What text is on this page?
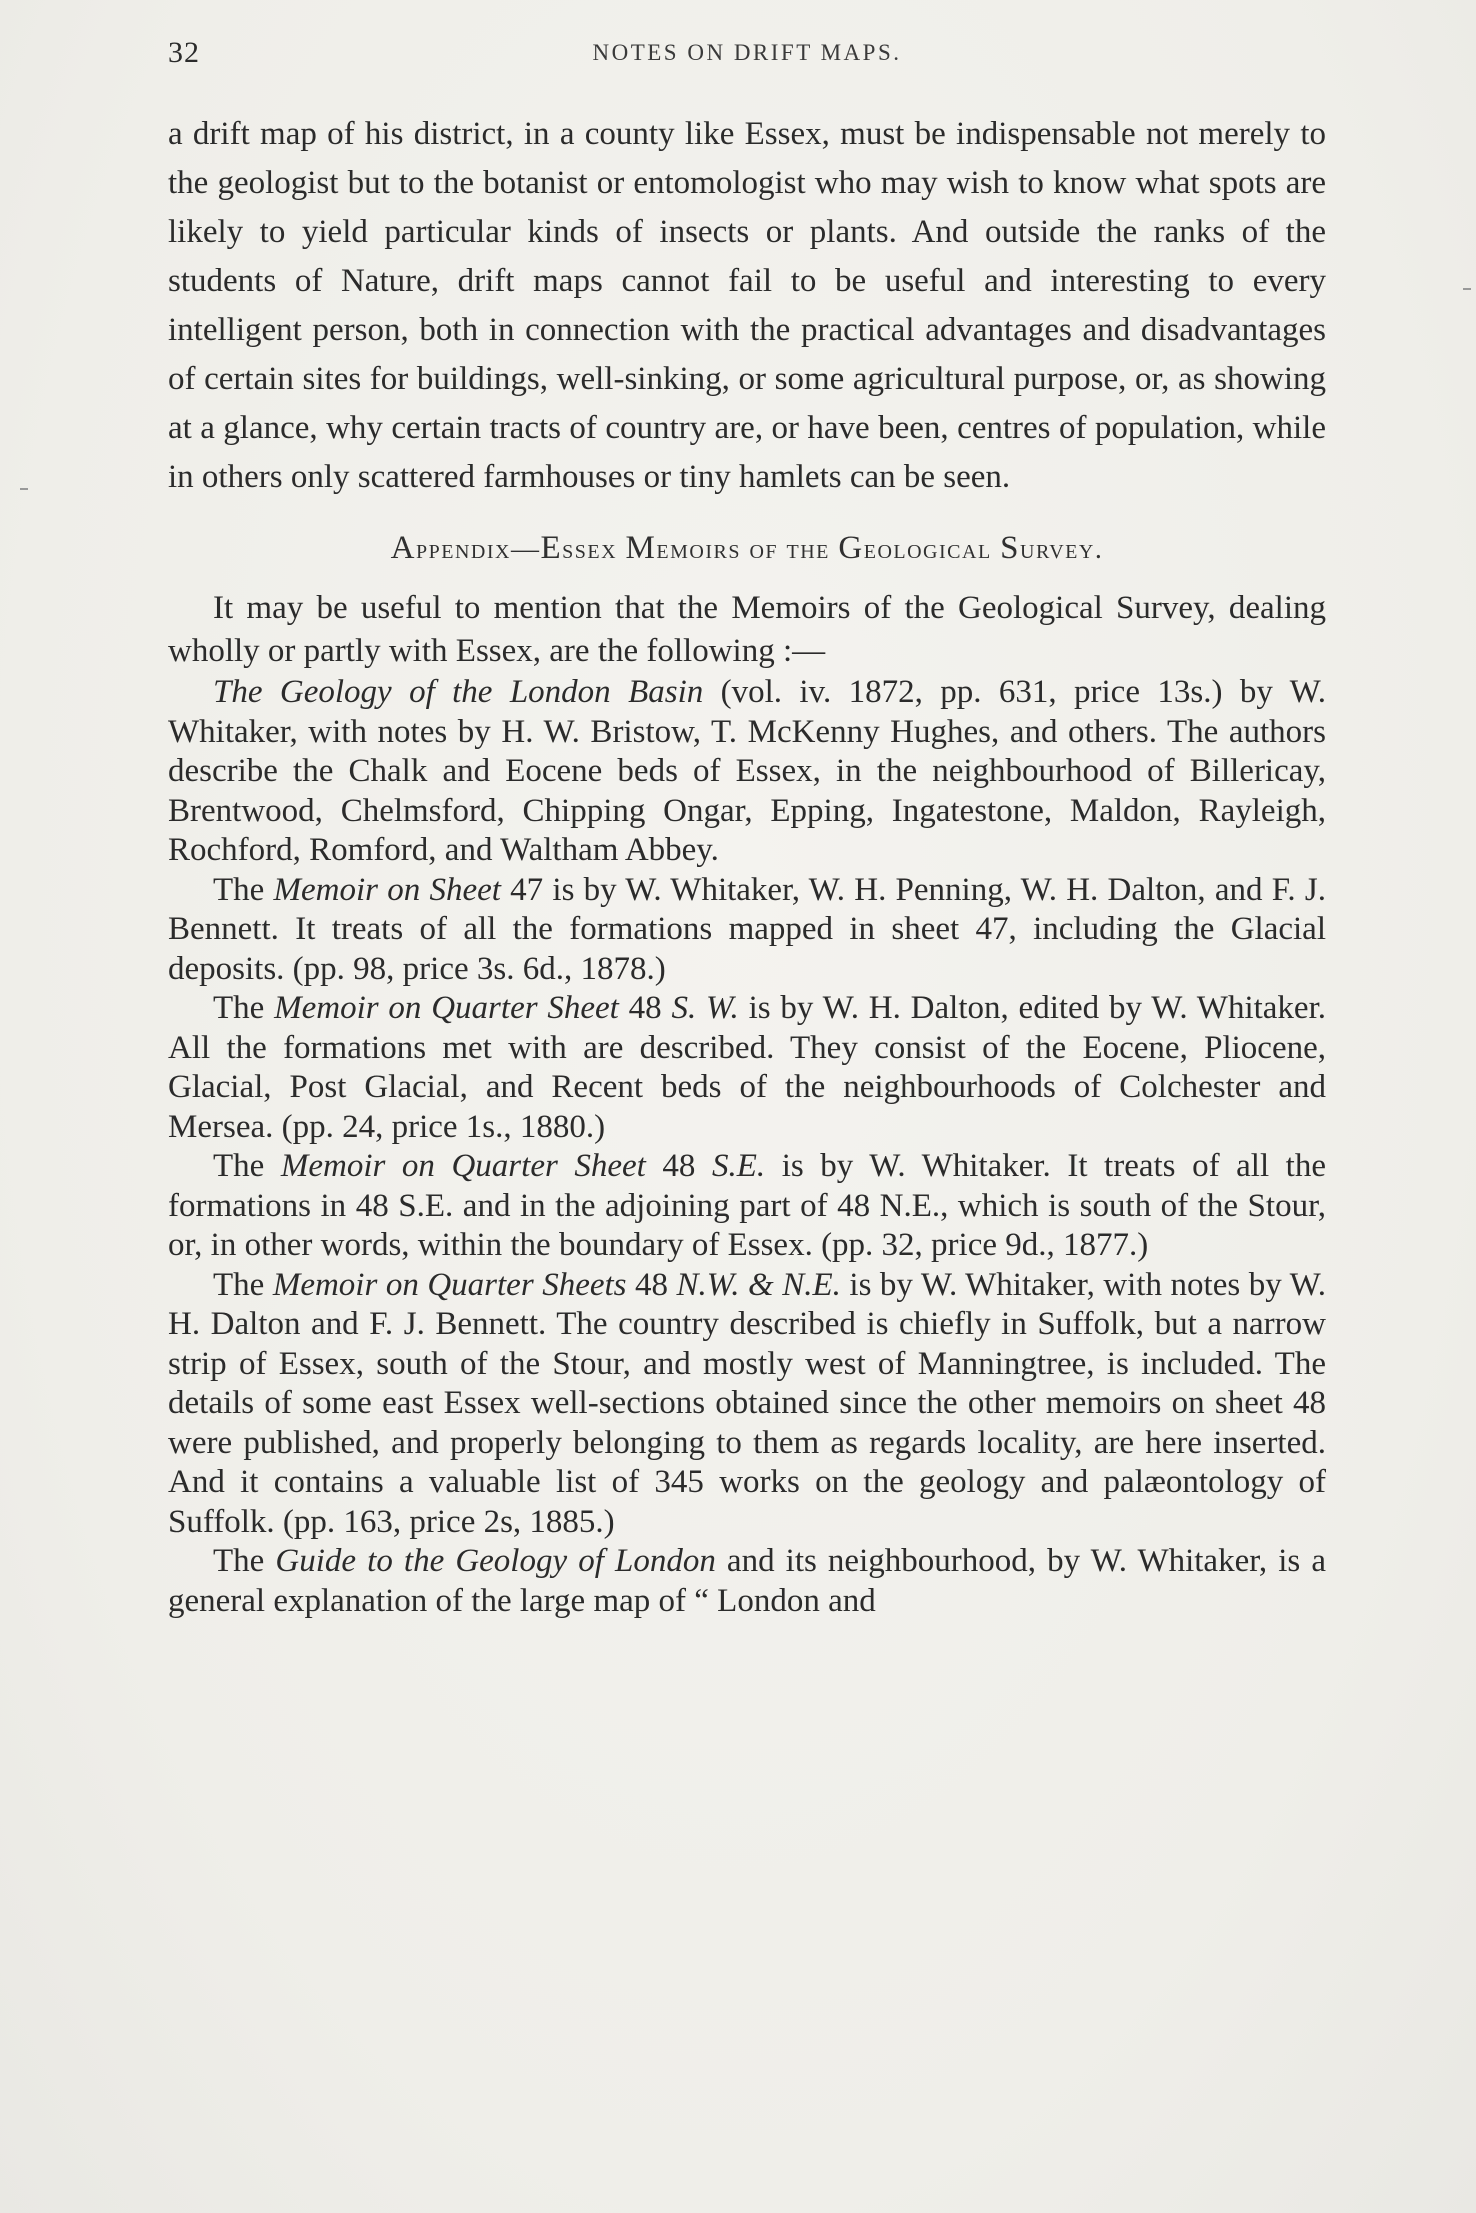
32	NOTES ON DRIFT MAPS.

a drift map of his district, in a county like Essex, must be indispensable not merely to the geologist but to the botanist or entomologist who may wish to know what spots are likely to yield particular kinds of insects or plants. And outside the ranks of the students of Nature, drift maps cannot fail to be useful and interesting to every intelligent person, both in connection with the practical advantages and disadvantages of certain sites for buildings, well-sinking, or some agricultural purpose, or, as showing at a glance, why certain tracts of country are, or have been, centres of population, while in others only scattered farmhouses or tiny hamlets can be seen.

Appendix—Essex Memoirs of the Geological Survey.

It may be useful to mention that the Memoirs of the Geological Survey, dealing wholly or partly with Essex, are the following :—

The Geology of the London Basin (vol. iv. 1872, pp. 631, price 13s.) by W. Whitaker, with notes by H. W. Bristow, T. McKenny Hughes, and others. The authors describe the Chalk and Eocene beds of Essex, in the neighbourhood of Billericay, Brentwood, Chelmsford, Chipping Ongar, Epping, Ingatestone, Maldon, Rayleigh, Rochford, Romford, and Waltham Abbey.

The Memoir on Sheet 47 is by W. Whitaker, W. H. Penning, W. H. Dalton, and F. J. Bennett. It treats of all the formations mapped in sheet 47, including the Glacial deposits. (pp. 98, price 3s. 6d., 1878.)

The Memoir on Quarter Sheet 48 S. W. is by W. H. Dalton, edited by W. Whitaker. All the formations met with are described. They consist of the Eocene, Pliocene, Glacial, Post Glacial, and Recent beds of the neighbourhoods of Colchester and Mersea. (pp. 24, price 1s., 1880.)

The Memoir on Quarter Sheet 48 S.E. is by W. Whitaker. It treats of all the formations in 48 S.E. and in the adjoining part of 48 N.E., which is south of the Stour, or, in other words, within the boundary of Essex. (pp. 32, price 9d., 1877.)

The Memoir on Quarter Sheets 48 N.W. & N.E. is by W. Whitaker, with notes by W. H. Dalton and F. J. Bennett. The country described is chiefly in Suffolk, but a narrow strip of Essex, south of the Stour, and mostly west of Manningtree, is included. The details of some east Essex well-sections obtained since the other memoirs on sheet 48 were published, and properly belonging to them as regards locality, are here inserted. And it contains a valuable list of 345 works on the geology and palæontology of Suffolk. (pp. 163, price 2s, 1885.)

The Guide to the Geology of London and its neighbourhood, by W. Whitaker, is a general explanation of the large map of “ London and
